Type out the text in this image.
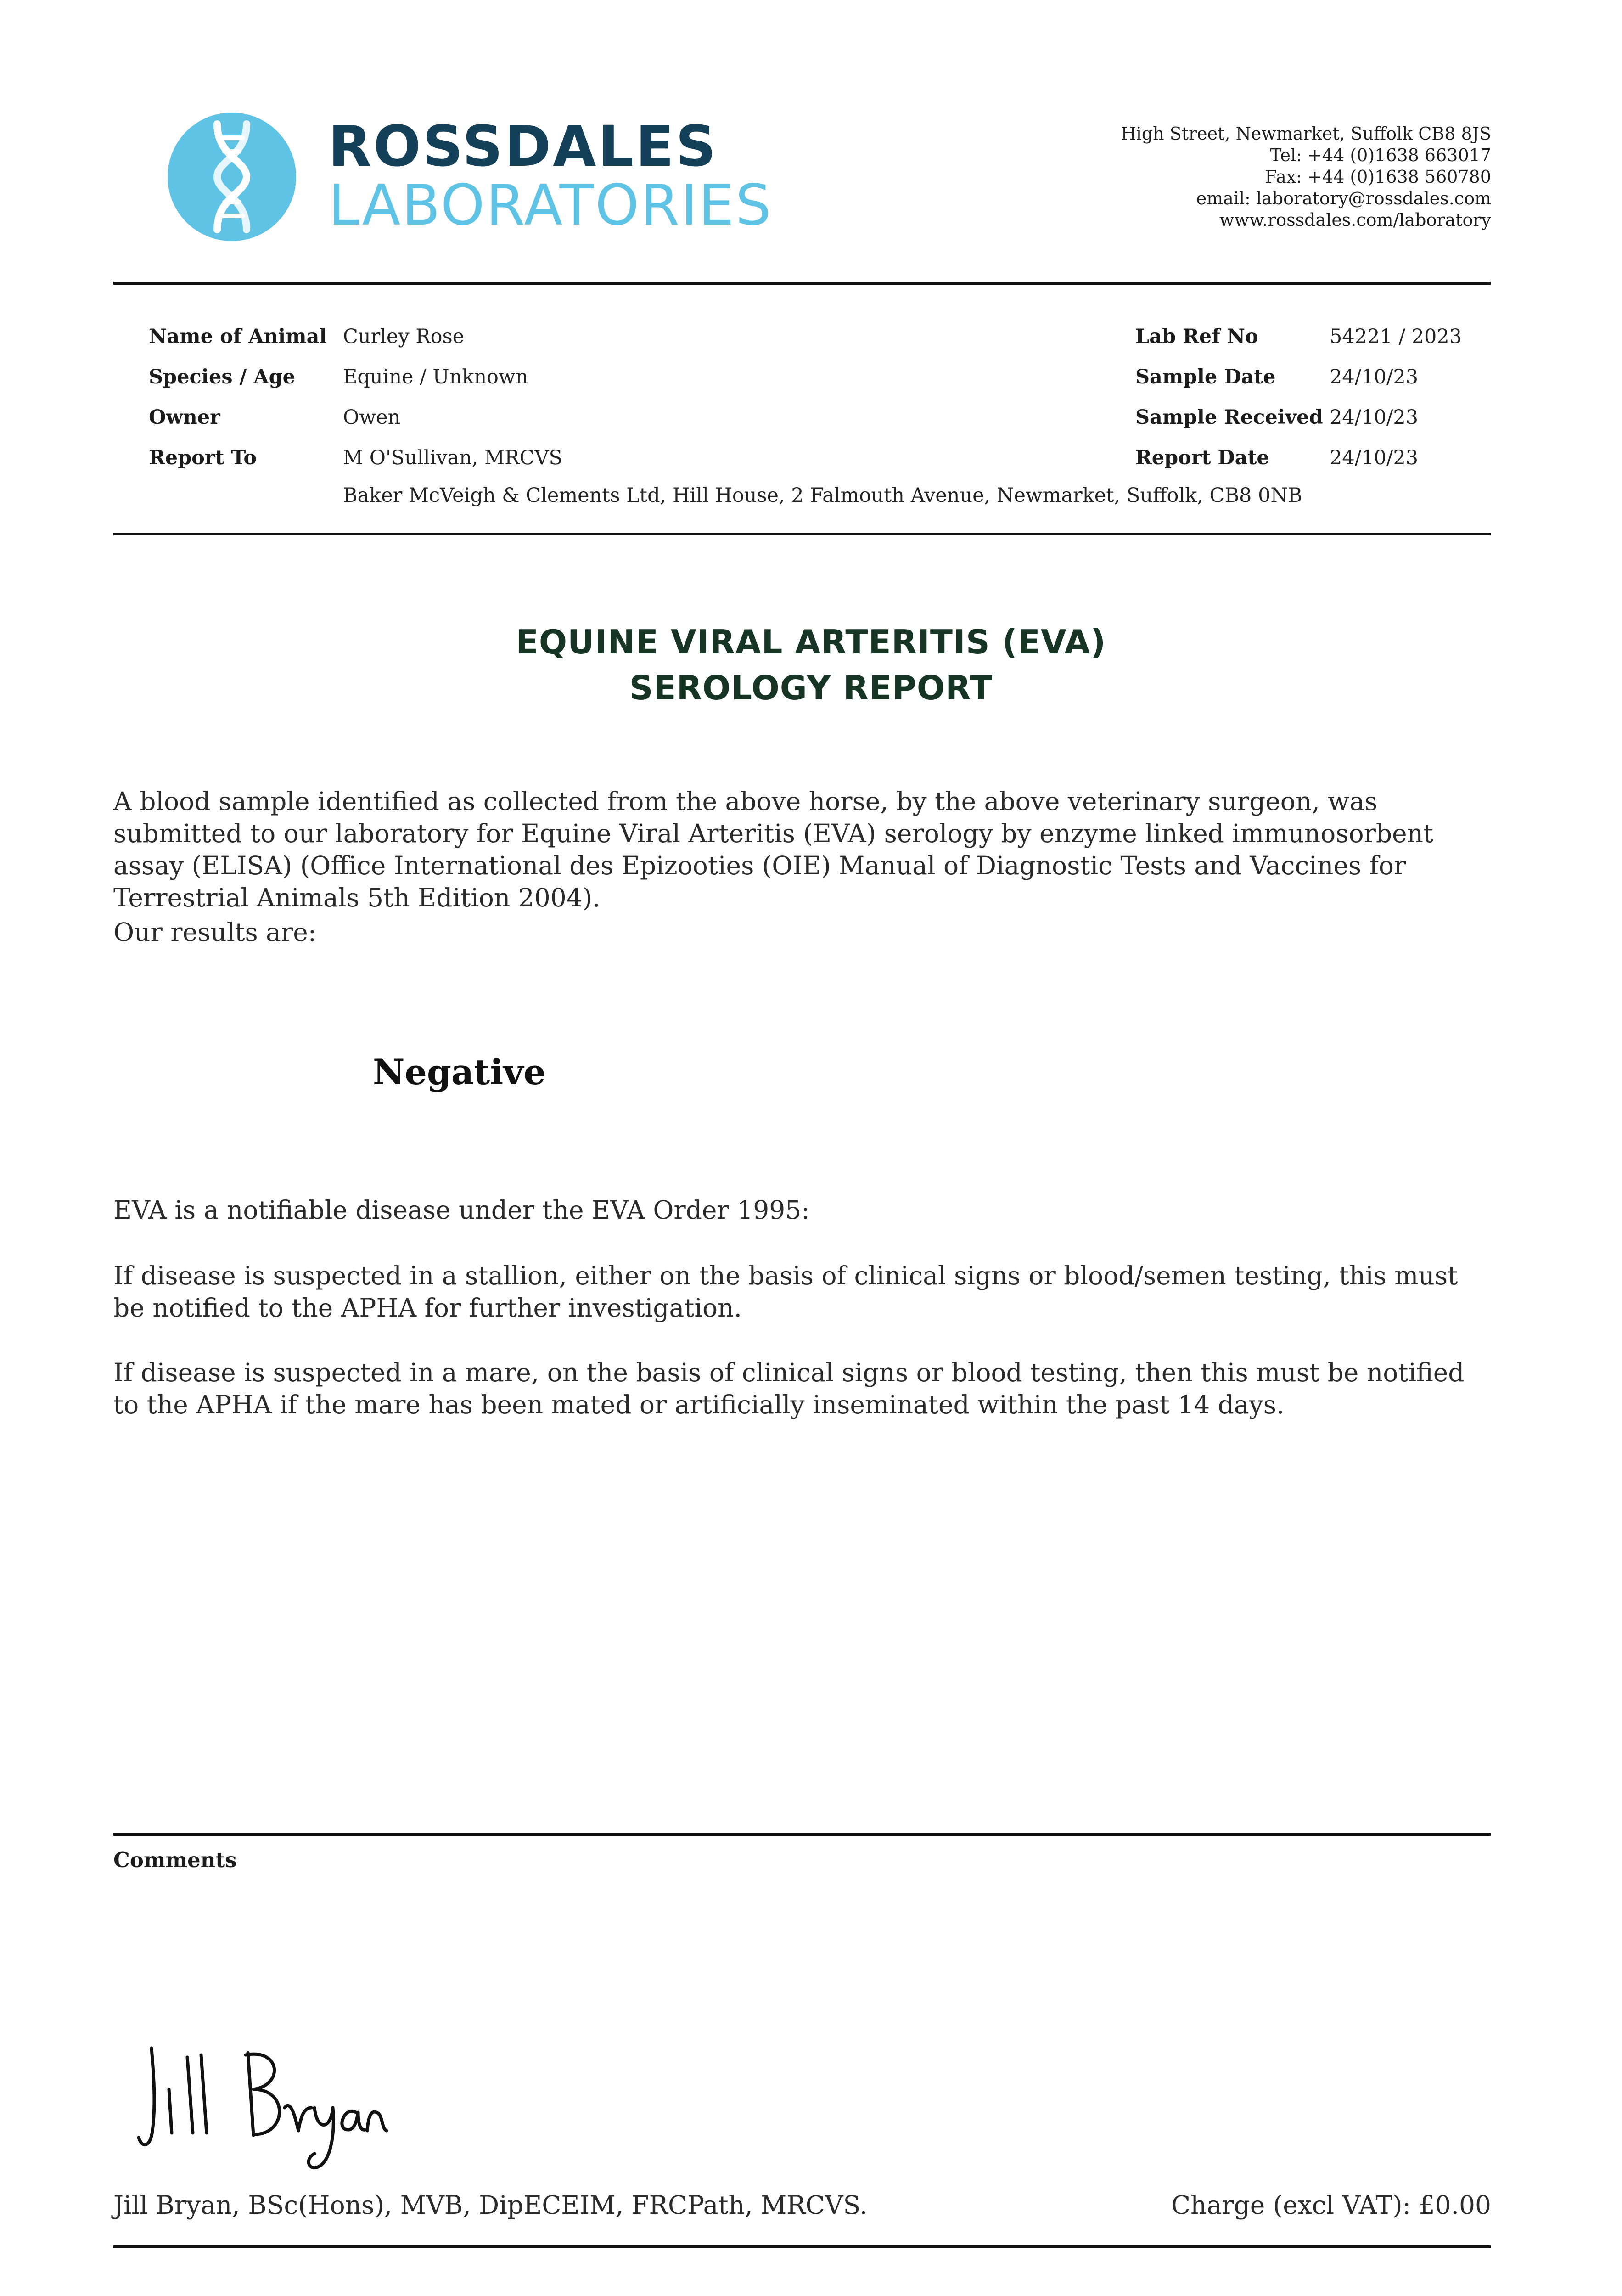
ROSSDALES
LABORATORIES
High Street, Newmarket, Suffolk CB8 8JS
Tel: +44 (0)1638 663017
Fax: +44 (0)1638 560780
email: laboratory@rossdales.com
www.rossdales.com/laboratory
Name of Animal Curley Rose
Species / Age Equine / Unknown
Owner	Owen
Report To	M O'Sullivan, MRCVS
Baker McVeigh & Clements Ltd, Hill House, 2 Falmouth Avenue, Newmarket, Suffolk, CB8 0NB
Lab Ref No	54221 / 2023
Sample Date	24/10/23
Sample Received 24/10/23
Report Date	24/10/23
EQUINE VIRAL ARTERITIS (EVA)
SEROLOGY REPORT
A blood sample identified as collected from the above horse, by the above veterinary surgeon, was submitted to our laboratory for Equine Viral Arteritis (EVA) serology by enzyme linked immunosorbent assay (ELISA) (Office International des Epizooties (OIE) Manual of Diagnostic Tests and Vaccines for Terrestrial Animals 5th Edition 2004).
Our results are:
Negative
EVA is a notifiable disease under the EVA Order 1995:
If disease is suspected in a stallion, either on the basis of clinical signs or blood/semen testing, this must be notified to the APHA for further investigation.
If disease is suspected in a mare, on the basis of clinical signs or blood testing, then this must be notified to the APHA if the mare has been mated or artificially inseminated within the past 14 days.
Comments
Jill Bryan, BSc(Hons), MVB, DipECEIM, FRCPath, MRCVS.	Charge (excl VAT): £0.00
